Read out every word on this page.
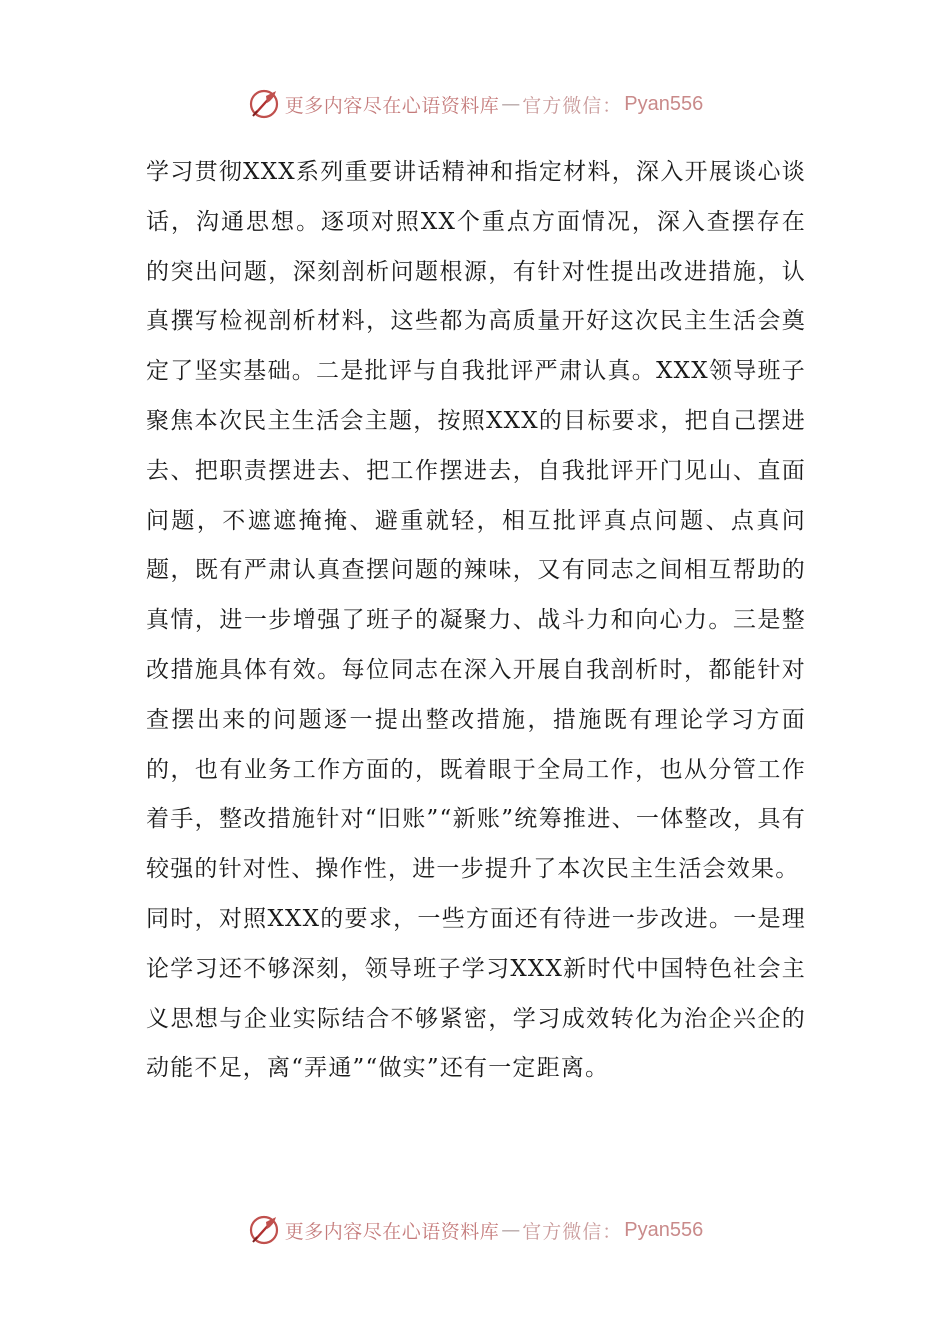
更多内容尽在心语资料库 — 官方微信： Pyan556

学习贯彻XXX系列重要讲话精神和指定材料，深入开展谈心谈话，沟通思想。逐项对照XX个重点方面情况，深入查摆存在的突出问题，深刻剖析问题根源，有针对性提出改进措施，认真撰写检视剖析材料，这些都为高质量开好这次民主生活会奠定了坚实基础。二是批评与自我批评严肃认真。XXX领导班子聚焦本次民主生活会主题，按照XXX的目标要求，把自己摆进去、把职责摆进去、把工作摆进去，自我批评开门见山、直面问题，不遮遮掩掩、避重就轻，相互批评真点问题、点真问题，既有严肃认真查摆问题的辣味，又有同志之间相互帮助的真情，进一步增强了班子的凝聚力、战斗力和向心力。三是整改措施具体有效。每位同志在深入开展自我剖析时，都能针对查摆出来的问题逐一提出整改措施，措施既有理论学习方面的，也有业务工作方面的，既着眼于全局工作，也从分管工作着手，整改措施针对“旧账”“新账”统筹推进、一体整改，具有较强的针对性、操作性，进一步提升了本次民主生活会效果。

同时，对照XXX的要求，一些方面还有待进一步改进。一是理论学习还不够深刻，领导班子学习XXX新时代中国特色社会主义思想与企业实际结合不够紧密，学习成效转化为治企兴企的动能不足，离“弄通”“做实”还有一定距离。

更多内容尽在心语资料库 — 官方微信： Pyan556
